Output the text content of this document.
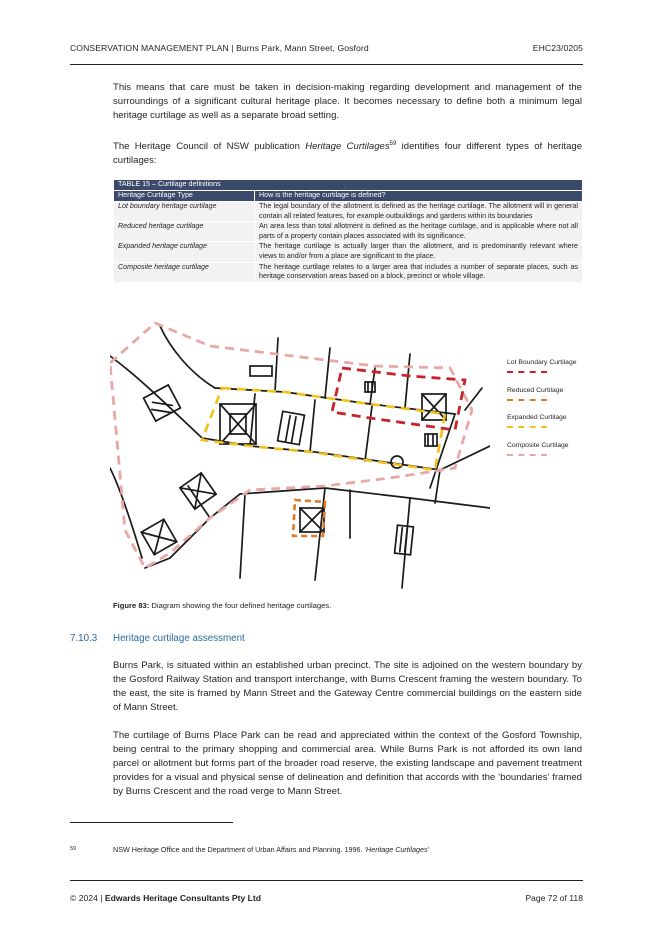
CONSERVATION MANAGEMENT PLAN | Burns Park, Mann Street, Gosford	EHC23/0205

This means that care must be taken in decision-making regarding development and management of the surroundings of a significant cultural heritage place. It becomes necessary to define both a minimum legal heritage curtilage as well as a separate broad setting.

The Heritage Council of NSW publication Heritage Curtilages$^{59}$ identifies four different types of heritage curtilages:

TABLE 15 – Curtilage definitions	
Heritage Curtilage Type	How is the heritage curtilage is defined?
Lot boundary heritage curtilage	The legal boundary of the allotment is defined as the heritage curtilage. The allotment will in general contain all related features, for example outbuildings and gardens within its boundaries
Reduced heritage curtilage	An area less than total allotment is defined as the heritage curtilage, and is applicable where not all parts of a property contain places associated with its significance.
Expanded heritage curtilage	The heritage curtilage is actually larger than the allotment, and is predominantly relevant where views to and/or from a place are significant to the place.
Composite heritage curtilage	The heritage curtilage relates to a larger area that includes a number of separate places, such as heritage conservation areas based on a block, precinct or whole village.
Lot Boundary Curtilage
Reduced Curtilage
Expanded Curtilage
Composite Curtilage
Figure 83: Diagram showing the four defined heritage curtilages.
7.10.3 Heritage curtilage assessment

Burns Park, is situated within an established urban precinct. The site is adjoined on the western boundary by the Gosford Railway Station and transport interchange, with Burns Crescent framing the western boundary. To the east, the site is framed by Mann Street and the Gateway Centre commercial buildings on the eastern side of Mann Street.

The curtilage of Burns Place Park can be read and appreciated within the context of the Gosford Township, being central to the primary shopping and commercial area. While Burns Park is not afforded its own land parcel or allotment but forms part of the broader road reserve, the existing landscape and pavement treatment provides for a visual and physical sense of delineation and definition that accords with the ‘boundaries’ framed by Burns Crescent and the road verge to Mann Street.

59	NSW Heritage Office and the Department of Urban Affairs and Planning. 1996. ‘Heritage Curtilages’
© 2024 | Edwards Heritage Consultants Pty Ltd	Page 72 of 118
